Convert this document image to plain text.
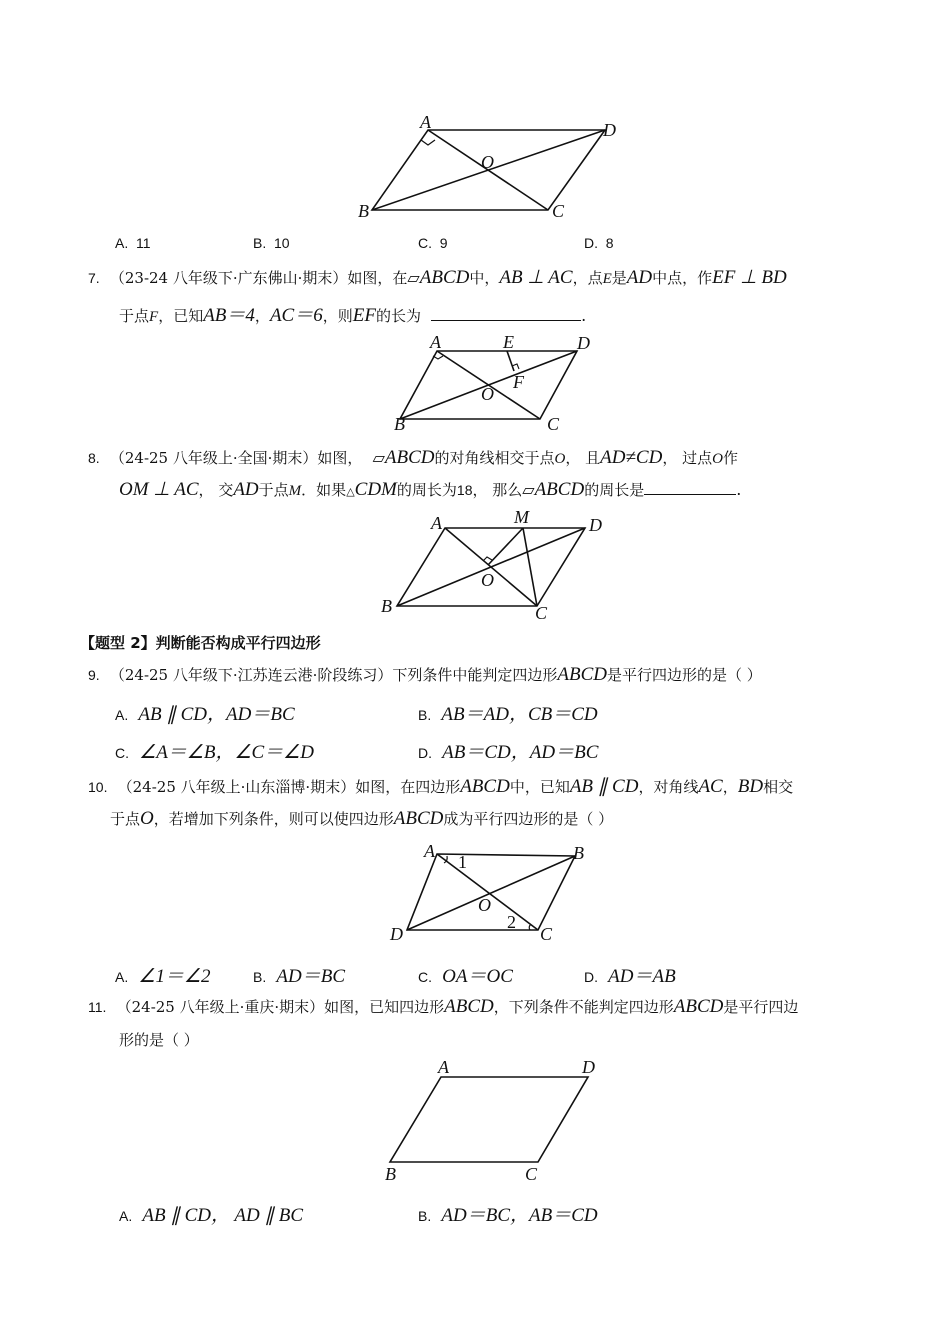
A	D
O
B	C
A. 11	B. 10	C. 9	D. 8
7. （23-24 八年级下·广东佛山·期末）如图，在▱ABCD中，AB ⊥ AC，点E是AD中点，作EF ⊥ BD
于点F，已知AB＝4，AC＝6，则EF的长为	.
A	E	D
F
O
B	C
8. （24-25 八年级上·全国·期末）如图， ▱ABCD的对角线相交于点O， 且AD≠CD， 过点O作
OM ⊥ AC， 交AD于点M．如果△CDM的周长为18， 那么▱ABCD的周长是	.
A	M	D
O
B	C
【题型 2】判断能否构成平行四边形
9. （24-25 八年级下·江苏连云港·阶段练习）下列条件中能判定四边形ABCD是平行四边形的是（ ）
A. AB ∥ CD，AD＝BC	B. AB＝AD，CB＝CD
C. ∠A＝∠B，∠C＝∠D	D. AB＝CD，AD＝BC
10. （24-25 八年级上·山东淄博·期末）如图，在四边形ABCD中，已知AB ∥ CD，对角线AC，BD相交
于点O，若增加下列条件，则可以使四边形ABCD成为平行四边形的是（ ）
A
1	B
O
2
D	C
A. ∠1＝∠2	B. AD＝BC	C. OA＝OC	D. AD＝AB
11. （24-25 八年级上·重庆·期末）如图，已知四边形ABCD，下列条件不能判定四边形ABCD是平行四边
形的是（ ）
A	D
B	C
A. AB ∥ CD， AD ∥ BC	B. AD＝BC，AB＝CD
